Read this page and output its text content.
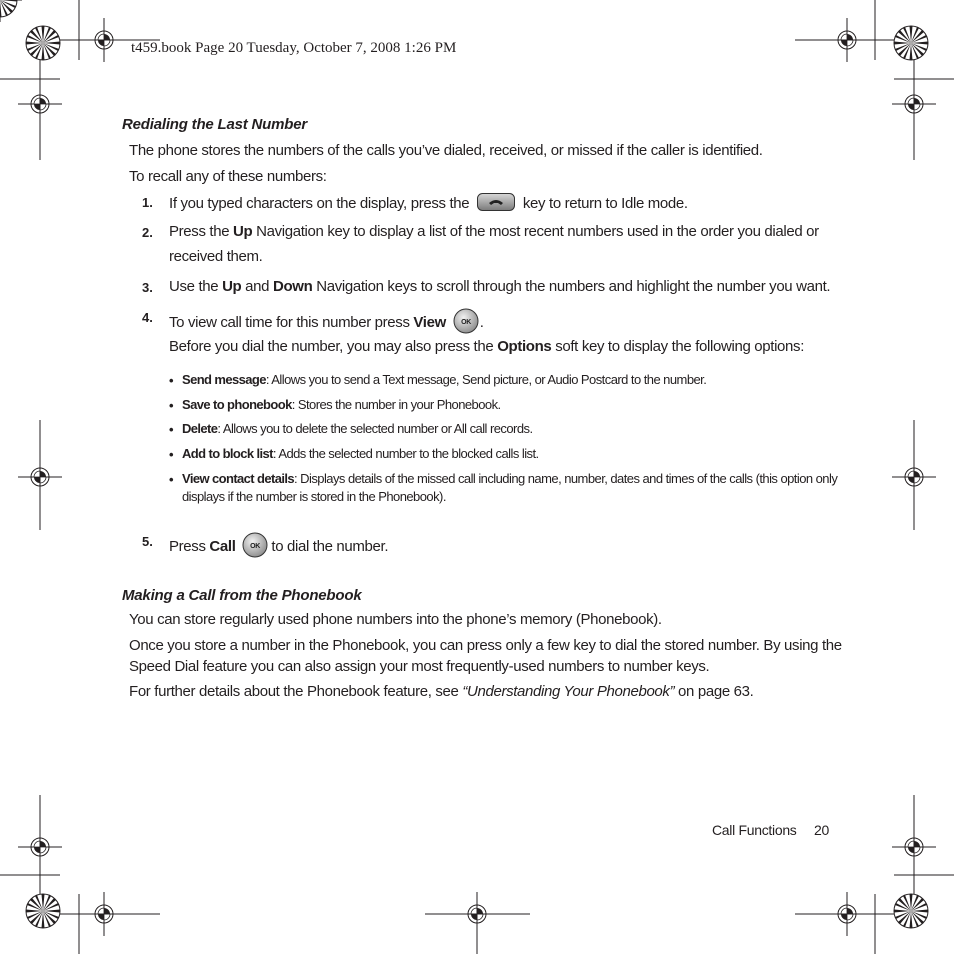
t459.book Page 20 Tuesday, October 7, 2008 1:26 PM
Redialing the Last Number
The phone stores the numbers of the calls you’ve dialed, received, or missed if the caller is identified.
To recall any of these numbers:
1. If you typed characters on the display, press the	key to return to Idle mode.
2. Press the Up Navigation key to display a list of the most recent numbers used in the order you dialed or
received them.
3. Use the Up and Down Navigation keys to scroll through the numbers and highlight the number you want.
4. To view call time for this number press View OK .
Before you dial the number, you may also press the Options soft key to display the following options:
• Send message: Allows you to send a Text message, Send picture, or Audio Postcard to the number.
• Save to phonebook: Stores the number in your Phonebook.
• Delete: Allows you to delete the selected number or All call records.
• Add to block list: Adds the selected number to the blocked calls list.
• View contact details: Displays details of the missed call including name, number, dates and times of the calls (this option only
displays if the number is stored in the Phonebook).
5. Press Call OK to dial the number.
Making a Call from the Phonebook
You can store regularly used phone numbers into the phone’s memory (Phonebook).
Once you store a number in the Phonebook, you can press only a few key to dial the stored number. By using the
Speed Dial feature you can also assign your most frequently-used numbers to number keys.
For further details about the Phonebook feature, see “Understanding Your Phonebook” on page 63.
Call Functions 20
